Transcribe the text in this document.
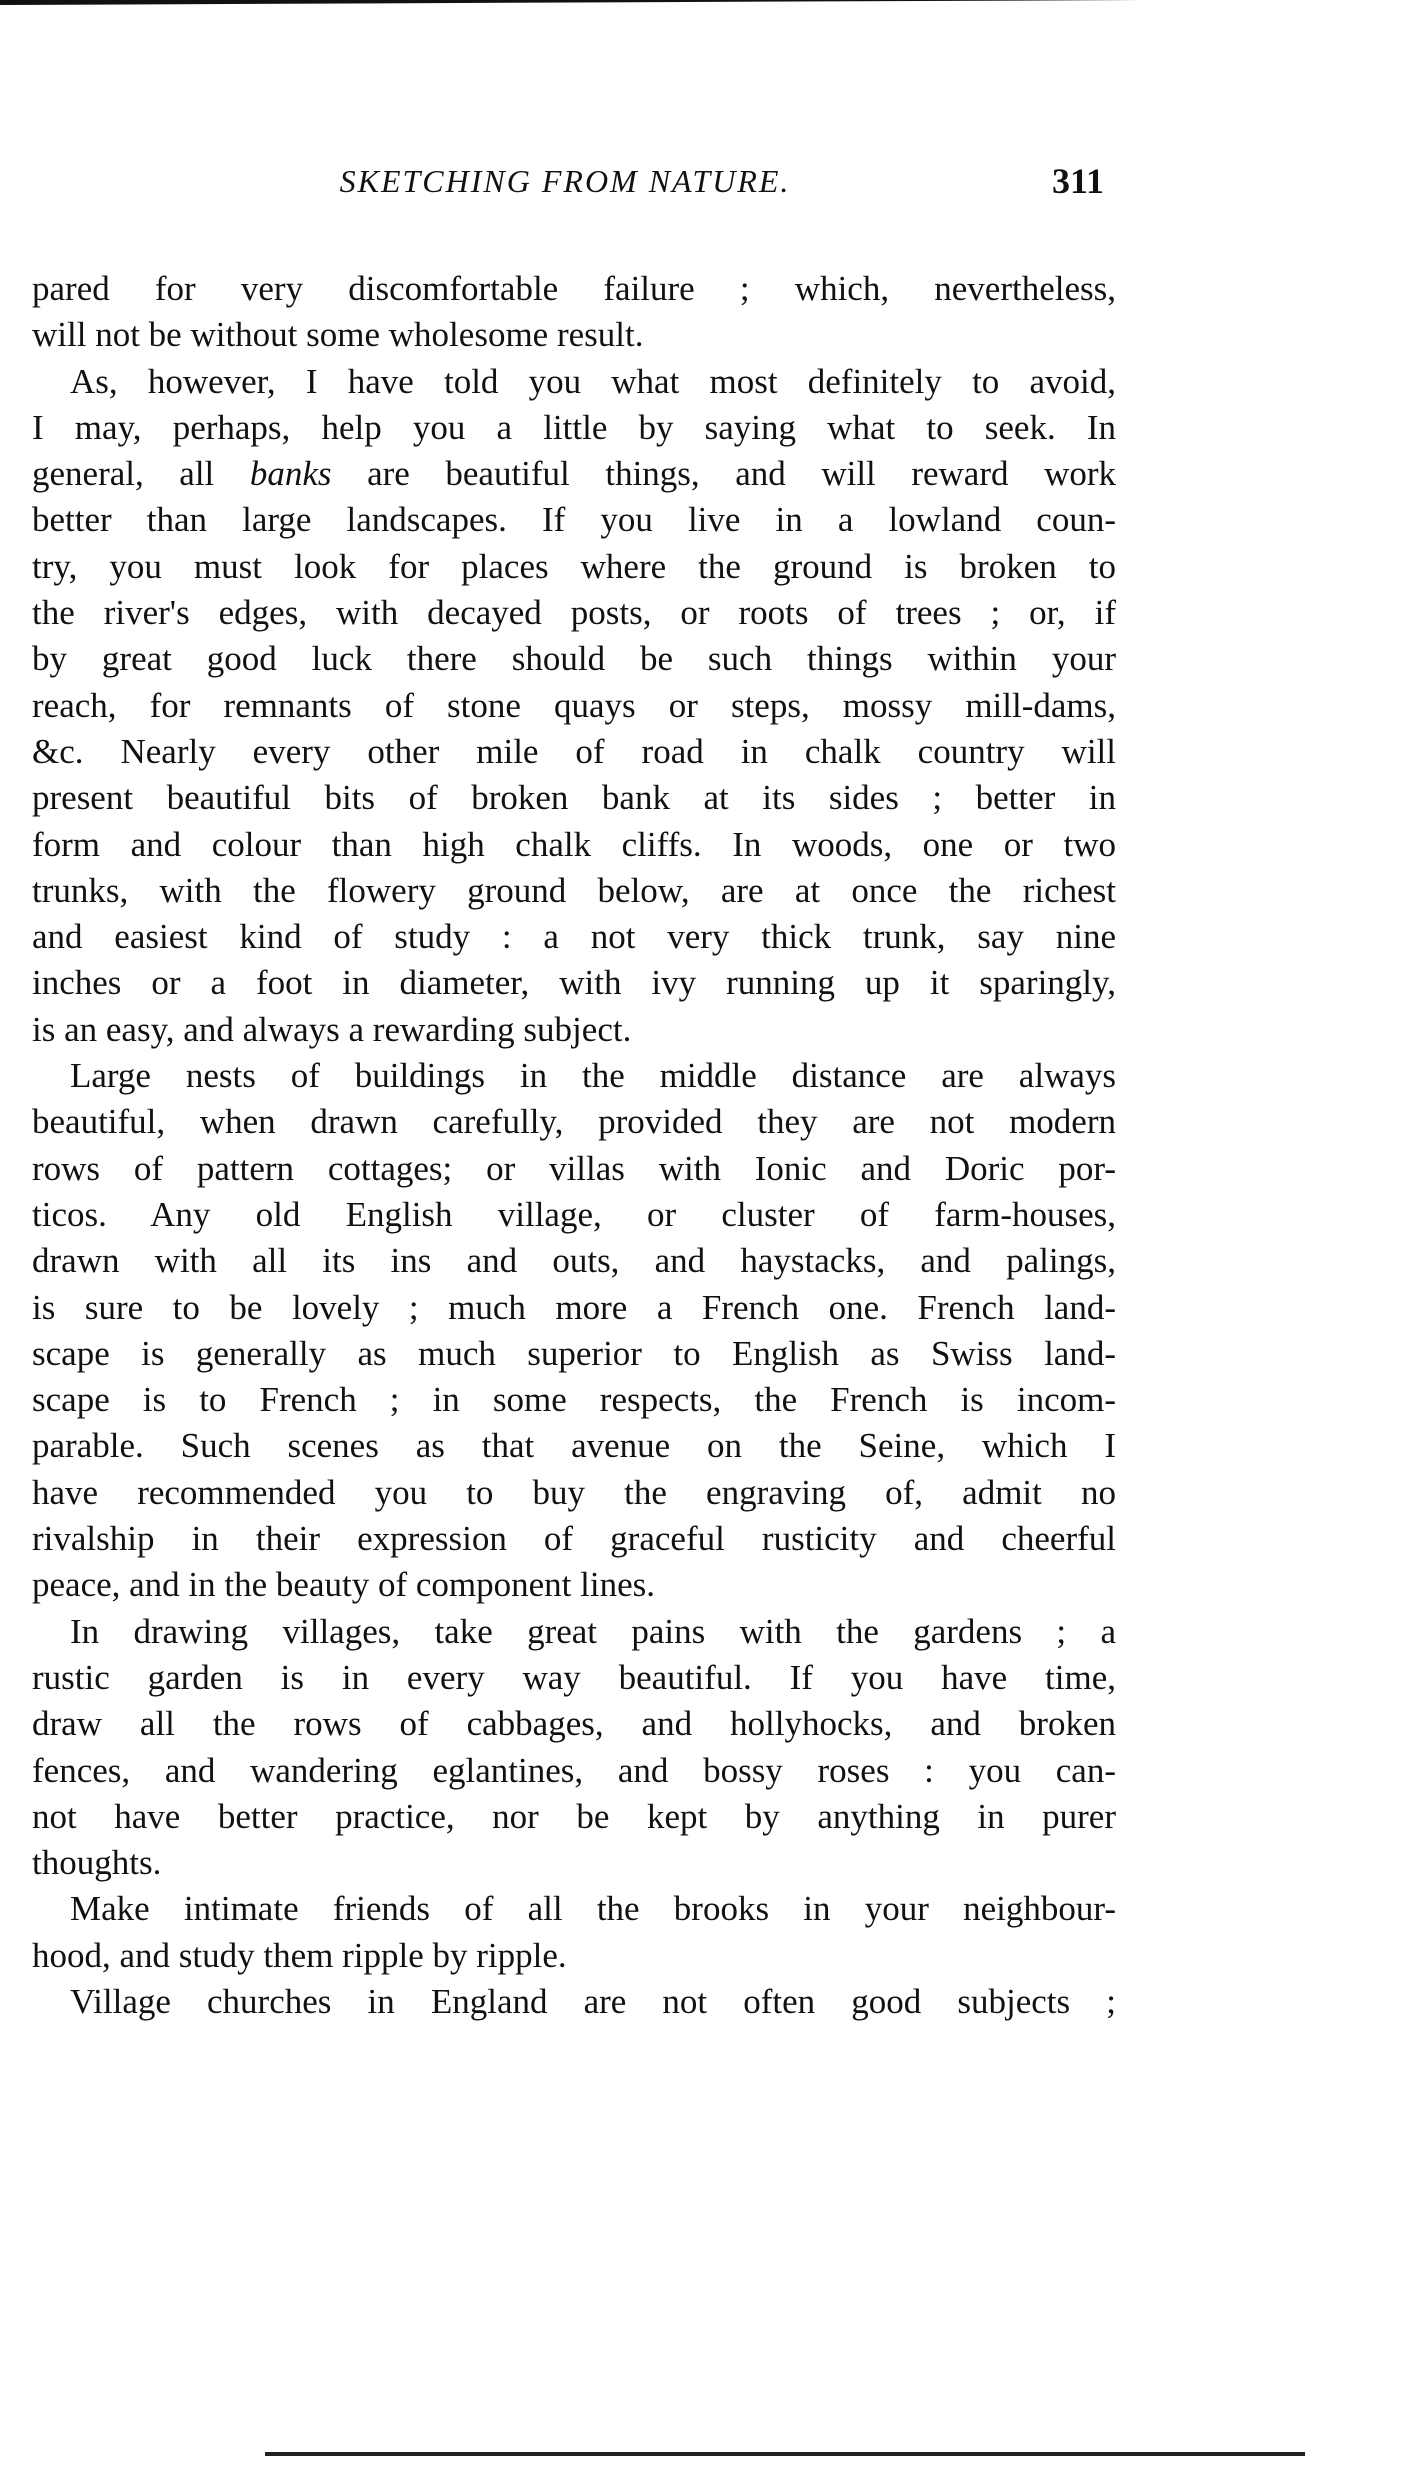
SKETCHING FROM NATURE.	311
pared for very discomfortable failure ; which, nevertheless,
will not be without some wholesome result.
As, however, I have told you what most definitely to avoid,
I may, perhaps, help you a little by saying what to seek. In
general, all banks are beautiful things, and will reward work
better than large landscapes. If you live in a lowland coun-
try, you must look for places where the ground is broken to
the river's edges, with decayed posts, or roots of trees ; or, if
by great good luck there should be such things within your
reach, for remnants of stone quays or steps, mossy mill-dams,
&c. Nearly every other mile of road in chalk country will
present beautiful bits of broken bank at its sides ; better in
form and colour than high chalk cliffs. In woods, one or two
trunks, with the flowery ground below, are at once the richest
and easiest kind of study : a not very thick trunk, say nine
inches or a foot in diameter, with ivy running up it sparingly,
is an easy, and always a rewarding subject.
Large nests of buildings in the middle distance are always
beautiful, when drawn carefully, provided they are not modern
rows of pattern cottages; or villas with Ionic and Doric por-
ticos. Any old English village, or cluster of farm-houses,
drawn with all its ins and outs, and haystacks, and palings,
is sure to be lovely ; much more a French one. French land-
scape is generally as much superior to English as Swiss land-
scape is to French ; in some respects, the French is incom-
parable. Such scenes as that avenue on the Seine, which I
have recommended you to buy the engraving of, admit no
rivalship in their expression of graceful rusticity and cheerful
peace, and in the beauty of component lines.
In drawing villages, take great pains with the gardens ; a
rustic garden is in every way beautiful. If you have time,
draw all the rows of cabbages, and hollyhocks, and broken
fences, and wandering eglantines, and bossy roses : you can-
not have better practice, nor be kept by anything in purer
thoughts.
Make intimate friends of all the brooks in your neighbour-
hood, and study them ripple by ripple.
Village churches in England are not often good subjects ;
